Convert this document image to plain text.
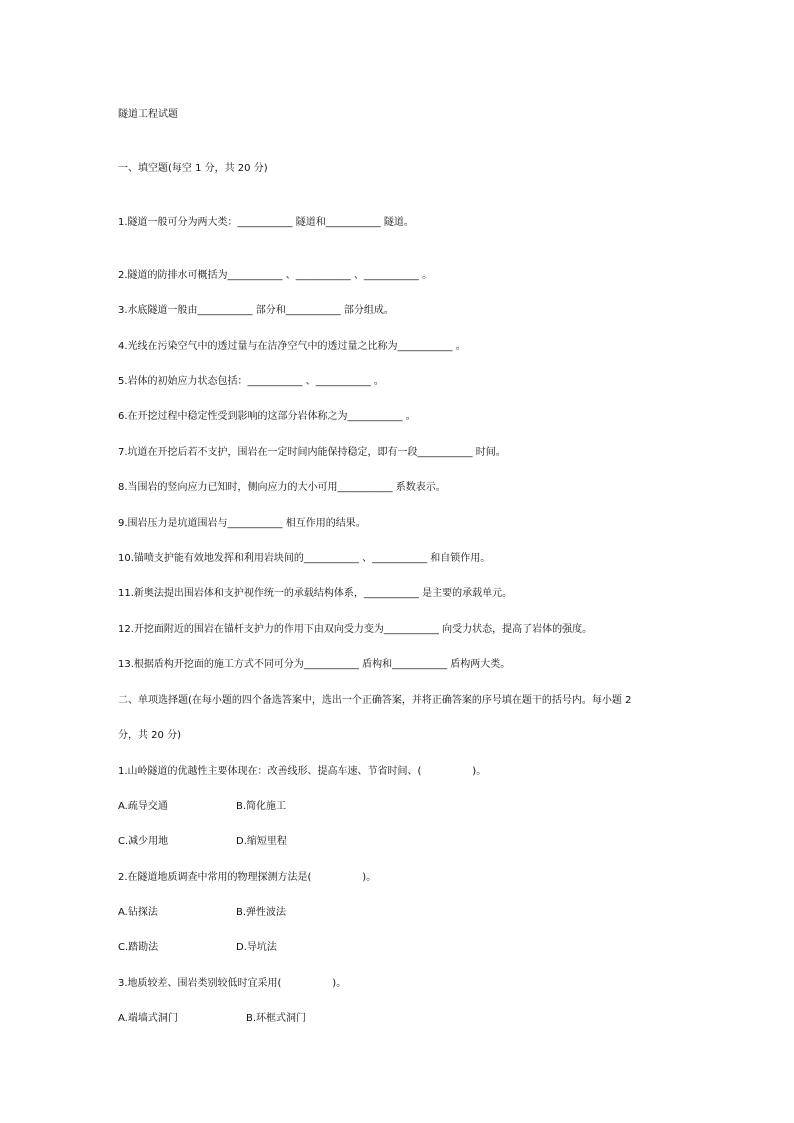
隧道工程试题
一、填空题(每空 1 分，共 20 分)
1.隧道一般可分为两大类：___________ 隧道和___________ 隧道。
2.隧道的防排水可概括为___________ 、___________ 、___________ 。
3.水底隧道一般由___________ 部分和___________ 部分组成。
4.光线在污染空气中的透过量与在洁净空气中的透过量之比称为___________ 。
5.岩体的初始应力状态包括：___________ 、___________ 。
6.在开挖过程中稳定性受到影响的这部分岩体称之为___________ 。
7.坑道在开挖后若不支护，围岩在一定时间内能保持稳定，即有一段___________ 时间。
8.当围岩的竖向应力已知时，侧向应力的大小可用___________ 系数表示。
9.围岩压力是坑道围岩与___________ 相互作用的结果。
10.锚喷支护能有效地发挥和利用岩块间的___________ 、___________ 和自锁作用。
11.新奥法提出围岩体和支护视作统一的承载结构体系，___________ 是主要的承载单元。
12.开挖面附近的围岩在锚杆支护力的作用下由双向受力变为___________ 向受力状态，提高了岩体的强度。
13.根据盾构开挖面的施工方式不同可分为___________ 盾构和___________ 盾构两大类。
二、单项选择题(在每小题的四个备选答案中，选出一个正确答案，并将正确答案的序号填在题干的括号内。每小题 2
分，共 20 分)
1.山岭隧道的优越性主要体现在：改善线形、提高车速、节省时间、(                )。
A.疏导交通	B.简化施工
C.减少用地	D.缩短里程
2.在隧道地质调查中常用的物理探测方法是(                )。
A.钻探法	B.弹性波法
C.踏勘法	D.导坑法
3.地质较差、围岩类别较低时宜采用(                )。
A.端墙式洞门	B.环框式洞门
